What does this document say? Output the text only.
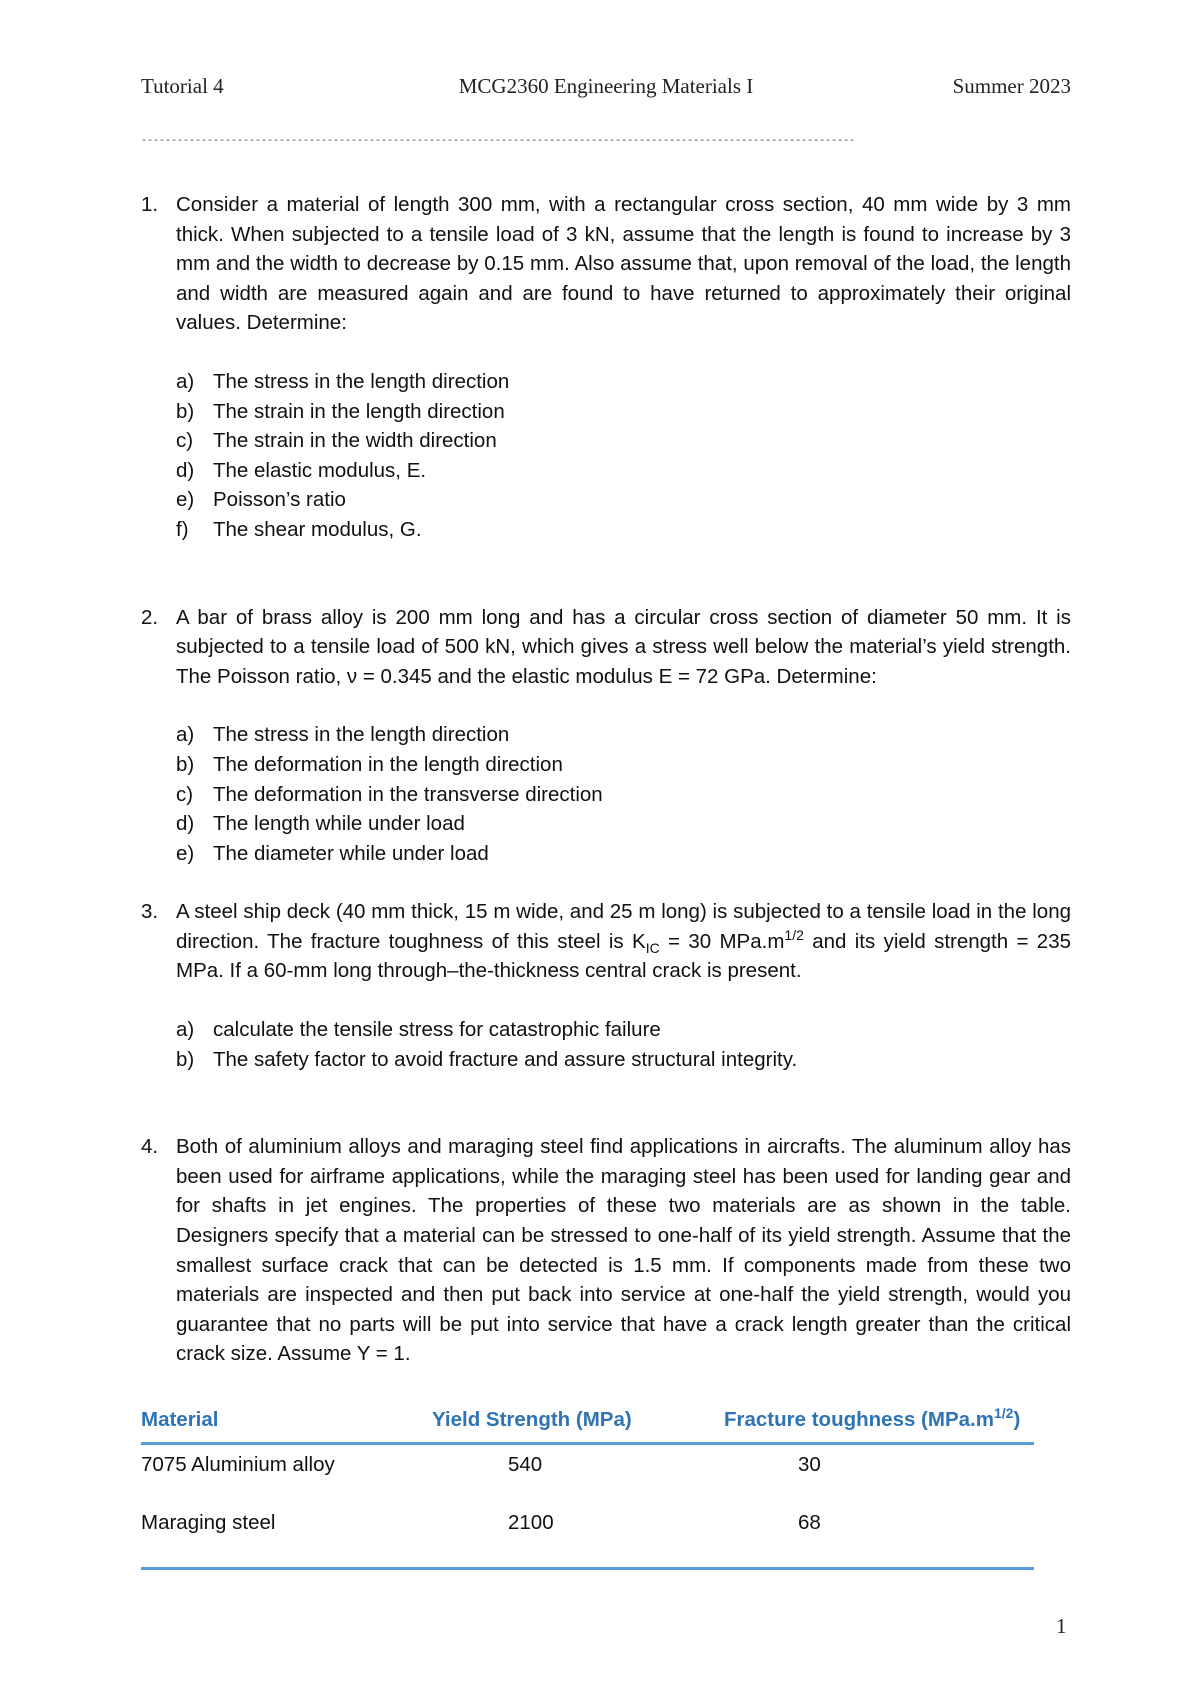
Tutorial 4	MCG2360 Engineering Materials I	Summer 2023
-----------------------------------------------------------------------------------------------------------------------
1. Consider a material of length 300 mm, with a rectangular cross section, 40 mm wide by 3 mm thick. When subjected to a tensile load of 3 kN, assume that the length is found to increase by 3 mm and the width to decrease by 0.15 mm. Also assume that, upon removal of the load, the length and width are measured again and are found to have returned to approximately their original values. Determine:
a) The stress in the length direction
b) The strain in the length direction
c) The strain in the width direction
d) The elastic modulus, E.
e) Poisson’s ratio
f) The shear modulus, G.
2. A bar of brass alloy is 200 mm long and has a circular cross section of diameter 50 mm. It is subjected to a tensile load of 500 kN, which gives a stress well below the material’s yield strength. The Poisson ratio, ν = 0.345 and the elastic modulus E = 72 GPa. Determine:
a) The stress in the length direction
b) The deformation in the length direction
c) The deformation in the transverse direction
d) The length while under load
e) The diameter while under load
3. A steel ship deck (40 mm thick, 15 m wide, and 25 m long) is subjected to a tensile load in the long direction. The fracture toughness of this steel is $K_{IC} = 30$ $MPa.m^{1/2}$ and its yield strength = 235 MPa. If a 60-mm long through–the-thickness central crack is present.
a) calculate the tensile stress for catastrophic failure
b) The safety factor to avoid fracture and assure structural integrity.
4. Both of aluminium alloys and maraging steel find applications in aircrafts. The aluminum alloy has been used for airframe applications, while the maraging steel has been used for landing gear and for shafts in jet engines. The properties of these two materials are as shown in the table. Designers specify that a material can be stressed to one-half of its yield strength. Assume that the smallest surface crack that can be detected is 1.5 mm. If components made from these two materials are inspected and then put back into service at one-half the yield strength, would you guarantee that no parts will be put into service that have a crack length greater than the critical crack size. Assume Y = 1.
Material	Yield Strength (MPa)	Fracture toughness $(MPa.m^{1/2})$
7075 Aluminium alloy	540	30
Maraging steel	2100	68
1
